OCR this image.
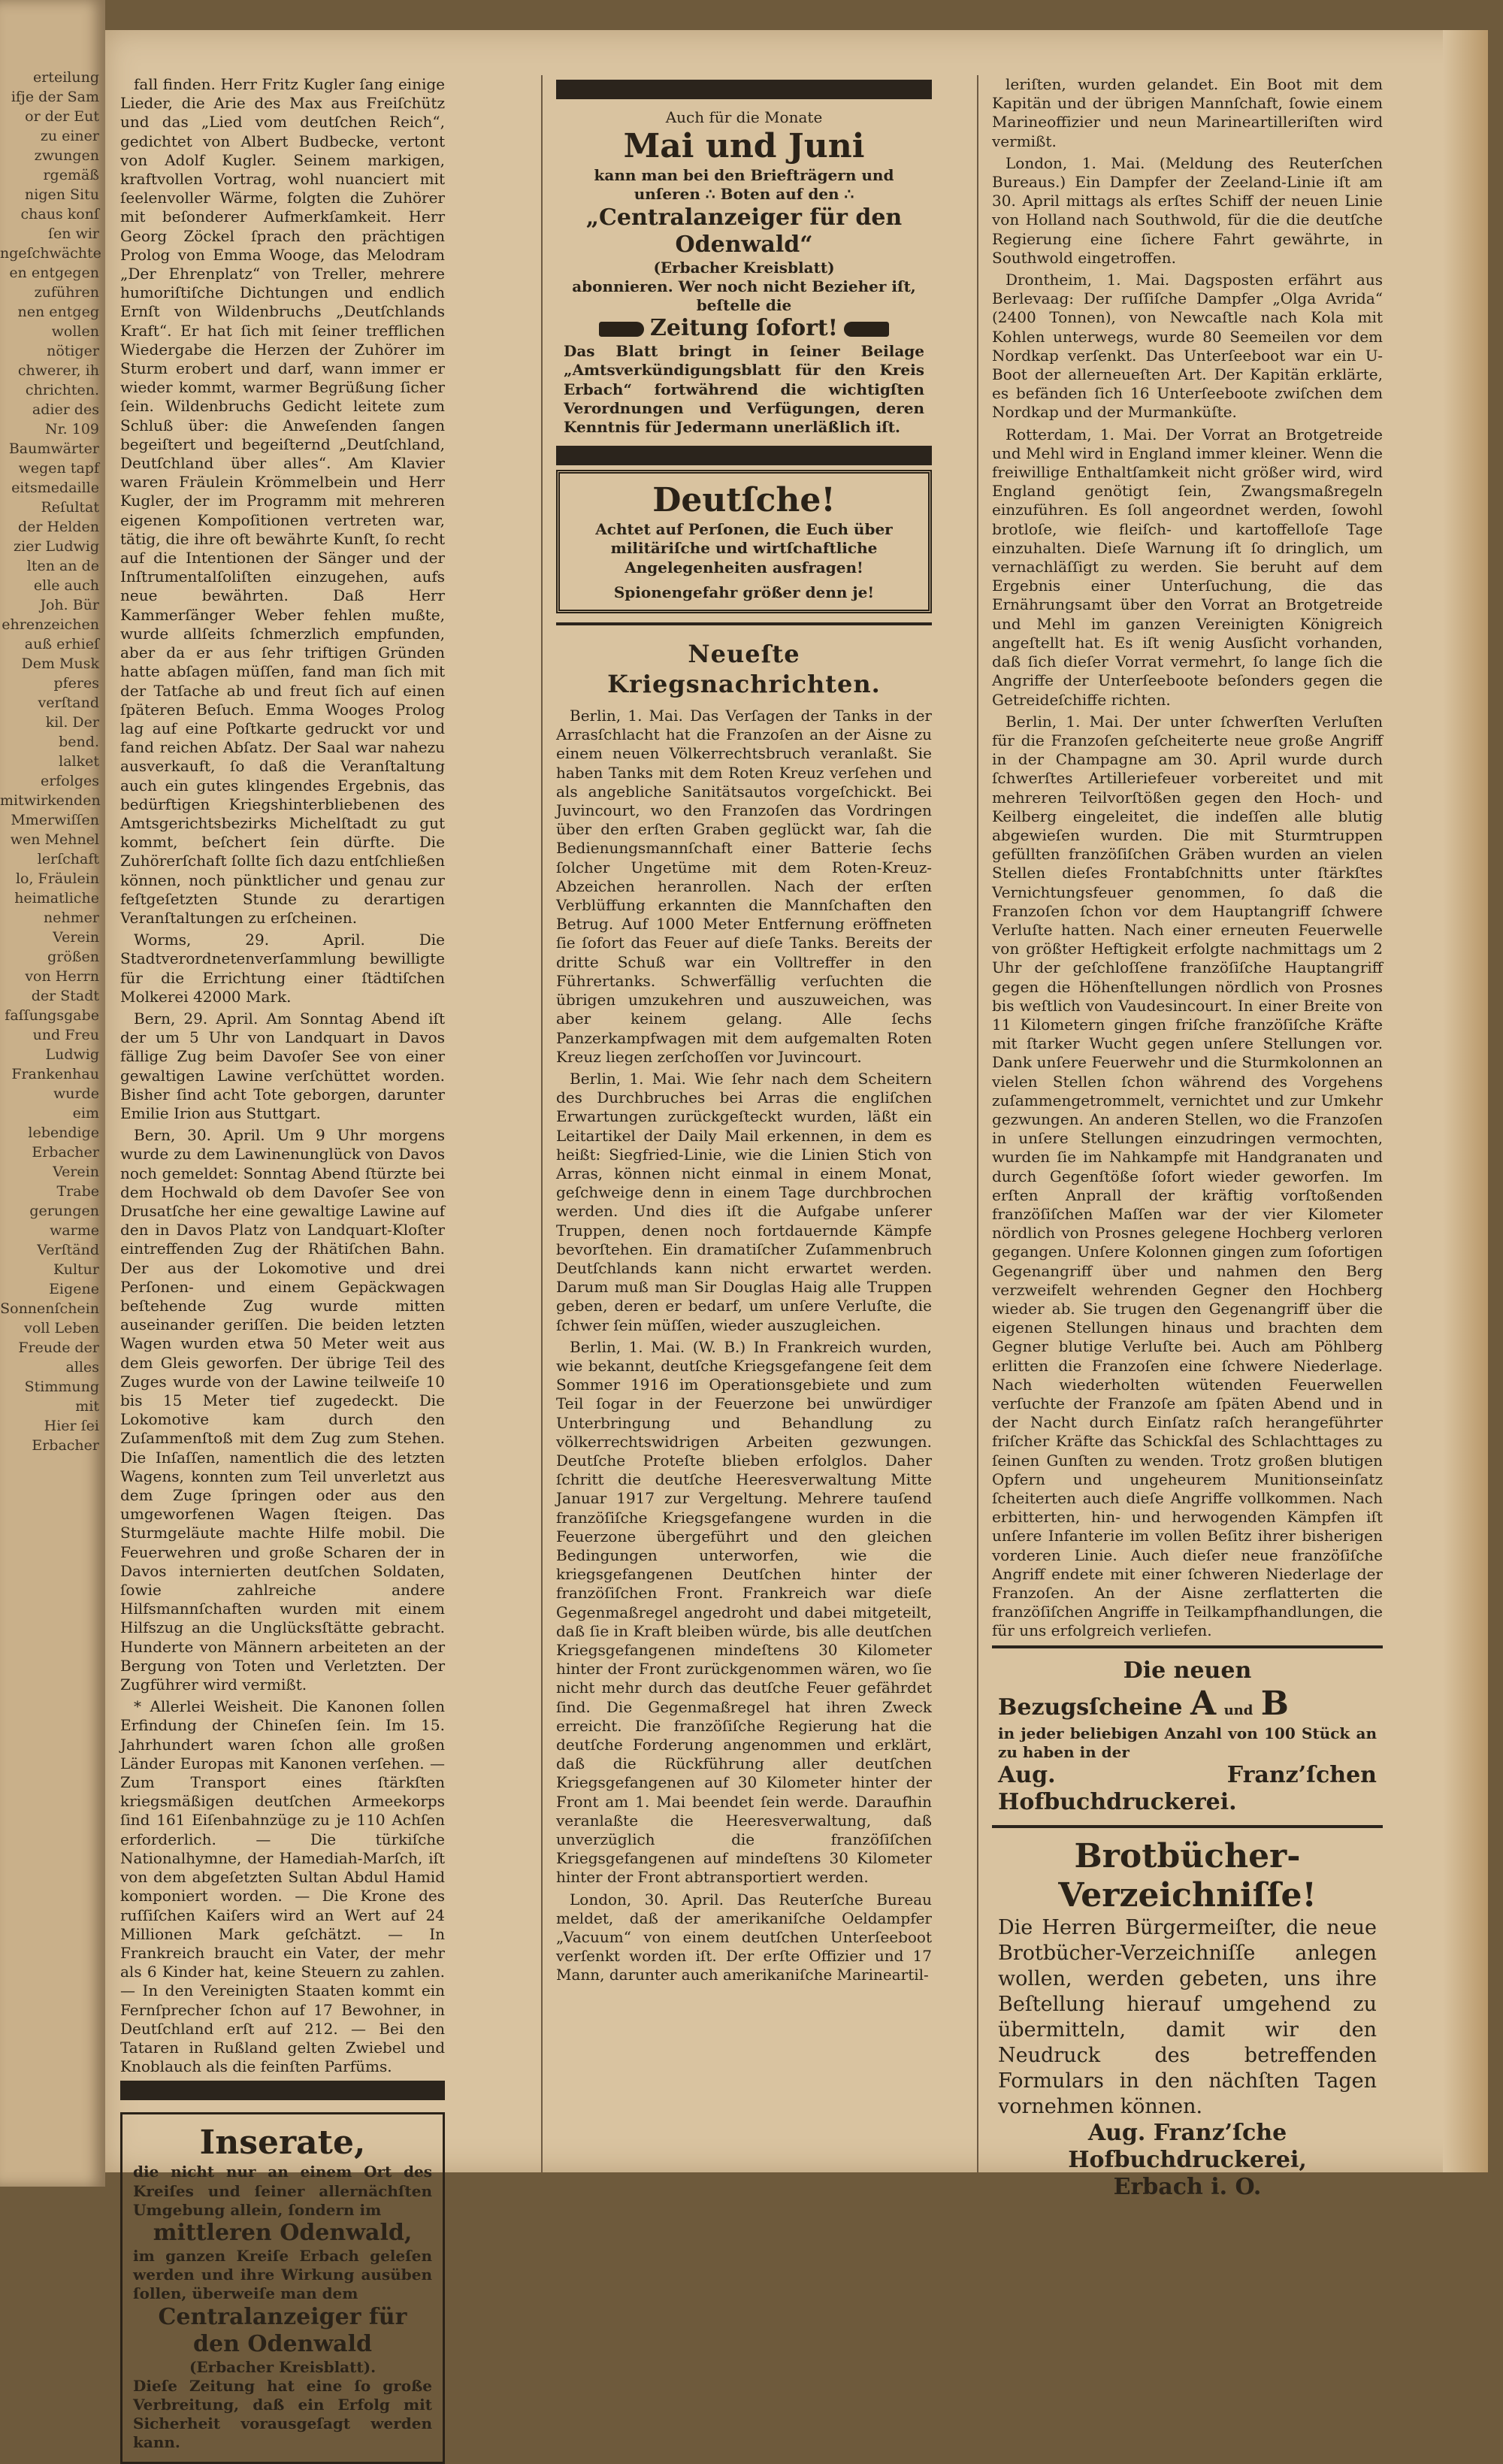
erteilung

ifje der Sam

or der Eut

zu einer

zwungen

rgemäß

nigen Situ

chaus konſ

ſen wir

ngeſchwächte

en entgegen

zuführen

nen entgeg

wollen

nötiger

chwerer, ih

chrichten.

adier des

Nr. 109

Baumwärter

wegen tapf

eitsmedaille

Reſultat

der Helden

zier Ludwig

lten an de

elle auch

Joh. Bür

ehrenzeichen

auß erhieſ

Dem Musk

pferes

verſtand

kil. Der

bend.

lalket

erfolges

mitwirkenden

Mmerwiſſen

wen Mehnel

lerſchaft

lo, Fräulein

heimatliche

nehmer

Verein

größen

von Herrn

der Stadt

faſſungsgabe

und Freu

Ludwig

Frankenhau

wurde

eim

lebendige

Erbacher

Verein

Trabe

gerungen

warme

Verſtänd

Kultur

Eigene

Sonnenſchein

voll Leben

Freude der

alles

Stimmung

mit

Hier ſei

Erbacher

fall finden. Herr Fritz Kugler ſang einige Lieder, die Arie des Max aus Freiſchütz und das „Lied vom deutſchen Reich“, gedichtet von Albert Budbecke, vertont von Adolf Kugler. Seinem markigen, kraftvollen Vortrag, wohl nuanciert mit ſeelenvoller Wärme, folgten die Zuhörer mit beſonderer Aufmerkſamkeit. Herr Georg Zöckel ſprach den prächtigen Prolog von Emma Wooge, das Melodram „Der Ehrenplatz“ von Treller, mehrere humoriſtiſche Dichtungen und endlich Ernſt von Wildenbruchs „Deutſchlands Kraft“. Er hat ſich mit ſeiner trefflichen Wiedergabe die Herzen der Zuhörer im Sturm erobert und darf, wann immer er wieder kommt, warmer Begrüßung ſicher ſein. Wildenbruchs Gedicht leitete zum Schluß über: die Anweſenden ſangen begeiſtert und begeiſternd „Deutſchland, Deutſchland über alles“. Am Klavier waren Fräulein Krömmelbein und Herr Kugler, der im Programm mit mehreren eigenen Kompoſitionen vertreten war, tätig, die ihre oft bewährte Kunſt, ſo recht auf die Intentionen der Sänger und der Inſtrumentalſoliſten einzugehen, aufs neue bewährten. Daß Herr Kammerſänger Weber fehlen mußte, wurde allſeits ſchmerzlich empfunden, aber da er aus ſehr triftigen Gründen hatte abſagen müſſen, fand man ſich mit der Tatſache ab und freut ſich auf einen ſpäteren Beſuch. Emma Wooges Prolog lag auf eine Poſtkarte gedruckt vor und fand reichen Abſatz. Der Saal war nahezu ausverkauft, ſo daß die Veranſtaltung auch ein gutes klingendes Ergebnis, das bedürftigen Kriegshinterbliebenen des Amtsgerichtsbezirks Michelſtadt zu gut kommt, beſchert ſein dürfte. Die Zuhörerſchaft ſollte ſich dazu entſchließen können, noch pünktlicher und genau zur feſtgeſetzten Stunde zu derartigen Veranſtaltungen zu erſcheinen.

Worms, 29. April. Die Stadtverordnetenverſammlung bewilligte für die Errichtung einer ſtädtiſchen Molkerei 42000 Mark.

Bern, 29. April. Am Sonntag Abend iſt der um 5 Uhr von Landquart in Davos fällige Zug beim Davoſer See von einer gewaltigen Lawine verſchüttet worden. Bisher ſind acht Tote geborgen, darunter Emilie Irion aus Stuttgart.

Bern, 30. April. Um 9 Uhr morgens wurde zu dem Lawinenunglück von Davos noch gemeldet: Sonntag Abend ſtürzte bei dem Hochwald ob dem Davoſer See von Drusatſche her eine gewaltige Lawine auf den in Davos Platz von Landquart-Kloſter eintreffenden Zug der Rhätiſchen Bahn. Der aus der Lokomotive und drei Perſonen- und einem Gepäckwagen beſtehende Zug wurde mitten auseinander geriſſen. Die beiden letzten Wagen wurden etwa 50 Meter weit aus dem Gleis geworfen. Der übrige Teil des Zuges wurde von der Lawine teilweiſe 10 bis 15 Meter tief zugedeckt. Die Lokomotive kam durch den Zuſammenſtoß mit dem Zug zum Stehen. Die Inſaſſen, namentlich die des letzten Wagens, konnten zum Teil unverletzt aus dem Zuge ſpringen oder aus den umgeworfenen Wagen ſteigen. Das Sturmgeläute machte Hilfe mobil. Die Feuerwehren und große Scharen der in Davos internierten deutſchen Soldaten, ſowie zahlreiche andere Hilfsmannſchaften wurden mit einem Hilfszug an die Unglücksſtätte gebracht. Hunderte von Männern arbeiteten an der Bergung von Toten und Verletzten. Der Zugführer wird vermißt.

* Allerlei Weisheit. Die Kanonen ſollen Erfindung der Chineſen ſein. Im 15. Jahrhundert waren ſchon alle großen Länder Europas mit Kanonen verſehen. — Zum Transport eines ſtärkſten kriegsmäßigen deutſchen Armeekorps ſind 161 Eiſenbahnzüge zu je 110 Achſen erforderlich. — Die türkiſche Nationalhymne, der Hamediah-Marſch, iſt von dem abgeſetzten Sultan Abdul Hamid komponiert worden. — Die Krone des ruſſiſchen Kaiſers wird an Wert auf 24 Millionen Mark geſchätzt. — In Frankreich braucht ein Vater, der mehr als 6 Kinder hat, keine Steuern zu zahlen. — In den Vereinigten Staaten kommt ein Fernſprecher ſchon auf 17 Bewohner, in Deutſchland erſt auf 212. — Bei den Tataren in Rußland gelten Zwiebel und Knoblauch als die feinſten Parfüms.

Inserate,
die nicht nur an einem Ort des Kreiſes und ſeiner allernächſten Umgebung allein, ſondern im
mittleren Odenwald,
im ganzen Kreiſe Erbach geleſen werden und ihre Wirkung ausüben ſollen, überweiſe man dem
Centralanzeiger für den Odenwald
(Erbacher Kreisblatt).
Dieſe Zeitung hat eine ſo große Verbreitung, daß ein Erfolg mit Sicherheit vorausgeſagt werden kann.
Auch für die Monate
Mai und Juni
kann man bei den Briefträgern und unſeren ∴ Boten auf den ∴
„Centralanzeiger für den Odenwald“
(Erbacher Kreisblatt)
abonnieren. Wer noch nicht Bezieher iſt, beſtelle die
Zeitung ſofort!
Das Blatt bringt in ſeiner Beilage „Amtsverkündigungsblatt für den Kreis Erbach“ fortwährend die wichtigſten Verordnungen und Verfügungen, deren Kenntnis für Jedermann unerläßlich iſt.
Deutſche!
Achtet auf Perſonen, die Euch über militäriſche und wirtſchaftliche Angelegenheiten ausfragen!
Spionengefahr größer denn je!
Neueſte Kriegsnachrichten.

Berlin, 1. Mai. Das Verſagen der Tanks in der Arrasſchlacht hat die Franzoſen an der Aisne zu einem neuen Völkerrechtsbruch veranlaßt. Sie haben Tanks mit dem Roten Kreuz verſehen und als angebliche Sanitätsautos vorgeſchickt. Bei Juvincourt, wo den Franzoſen das Vordringen über den erſten Graben geglückt war, ſah die Bedienungsmannſchaft einer Batterie ſechs ſolcher Ungetüme mit dem Roten-Kreuz-Abzeichen heranrollen. Nach der erſten Verblüffung erkannten die Mannſchaften den Betrug. Auf 1000 Meter Entfernung eröffneten ſie ſofort das Feuer auf dieſe Tanks. Bereits der dritte Schuß war ein Volltreffer in den Führertanks. Schwerfällig verſuchten die übrigen umzukehren und auszuweichen, was aber keinem gelang. Alle ſechs Panzerkampfwagen mit dem aufgemalten Roten Kreuz liegen zerſchoſſen vor Juvincourt.

Berlin, 1. Mai. Wie ſehr nach dem Scheitern des Durchbruches bei Arras die engliſchen Erwartungen zurückgeſteckt wurden, läßt ein Leitartikel der Daily Mail erkennen, in dem es heißt: Siegfried-Linie, wie die Linien Stich von Arras, können nicht einmal in einem Monat, geſchweige denn in einem Tage durchbrochen werden. Und dies iſt die Aufgabe unſerer Truppen, denen noch fortdauernde Kämpfe bevorſtehen. Ein dramatiſcher Zuſammenbruch Deutſchlands kann nicht erwartet werden. Darum muß man Sir Douglas Haig alle Truppen geben, deren er bedarf, um unſere Verluſte, die ſchwer ſein müſſen, wieder auszugleichen.

Berlin, 1. Mai. (W. B.) In Frankreich wurden, wie bekannt, deutſche Kriegsgefangene ſeit dem Sommer 1916 im Operationsgebiete und zum Teil ſogar in der Feuerzone bei unwürdiger Unterbringung und Behandlung zu völkerrechtswidrigen Arbeiten gezwungen. Deutſche Proteſte blieben erfolglos. Daher ſchritt die deutſche Heeresverwaltung Mitte Januar 1917 zur Vergeltung. Mehrere tauſend franzöſiſche Kriegsgefangene wurden in die Feuerzone übergeführt und den gleichen Bedingungen unterworfen, wie die kriegsgefangenen Deutſchen hinter der franzöſiſchen Front. Frankreich war dieſe Gegenmaßregel angedroht und dabei mitgeteilt, daß ſie in Kraft bleiben würde, bis alle deutſchen Kriegsgefangenen mindeſtens 30 Kilometer hinter der Front zurückgenommen wären, wo ſie nicht mehr durch das deutſche Feuer gefährdet ſind. Die Gegenmaßregel hat ihren Zweck erreicht. Die franzöſiſche Regierung hat die deutſche Forderung angenommen und erklärt, daß die Rückführung aller deutſchen Kriegsgefangenen auf 30 Kilometer hinter der Front am 1. Mai beendet ſein werde. Daraufhin veranlaßte die Heeresverwaltung, daß unverzüglich die franzöſiſchen Kriegsgefangenen auf mindeſtens 30 Kilometer hinter der Front abtransportiert werden.

London, 30. April. Das Reuterſche Bureau meldet, daß der amerikaniſche Oeldampfer „Vacuum“ von einem deutſchen Unterſeeboot verſenkt worden iſt. Der erſte Offizier und 17 Mann, darunter auch amerikaniſche Marineartil-

leriſten, wurden gelandet. Ein Boot mit dem Kapitän und der übrigen Mannſchaft, ſowie einem Marineoffizier und neun Marineartilleriſten wird vermißt.

London, 1. Mai. (Meldung des Reuterſchen Bureaus.) Ein Dampfer der Zeeland-Linie iſt am 30. April mittags als erſtes Schiff der neuen Linie von Holland nach Southwold, für die die deutſche Regierung eine ſichere Fahrt gewährte, in Southwold eingetroffen.

Drontheim, 1. Mai. Dagsposten erfährt aus Berlevaag: Der ruſſiſche Dampfer „Olga Avrida“ (2400 Tonnen), von Newcaſtle nach Kola mit Kohlen unterwegs, wurde 80 Seemeilen vor dem Nordkap verſenkt. Das Unterſeeboot war ein U-Boot der allerneueſten Art. Der Kapitän erklärte, es befänden ſich 16 Unterſeeboote zwiſchen dem Nordkap und der Murmanküſte.

Rotterdam, 1. Mai. Der Vorrat an Brotgetreide und Mehl wird in England immer kleiner. Wenn die freiwillige Enthaltſamkeit nicht größer wird, wird England genötigt ſein, Zwangsmaßregeln einzuführen. Es ſoll angeordnet werden, ſowohl brotloſe, wie fleiſch- und kartoffelloſe Tage einzuhalten. Dieſe Warnung iſt ſo dringlich, um vernachläſſigt zu werden. Sie beruht auf dem Ergebnis einer Unterſuchung, die das Ernährungsamt über den Vorrat an Brotgetreide und Mehl im ganzen Vereinigten Königreich angeſtellt hat. Es iſt wenig Ausſicht vorhanden, daß ſich dieſer Vorrat vermehrt, ſo lange ſich die Angriffe der Unterſeeboote beſonders gegen die Getreideſchiffe richten.

Berlin, 1. Mai. Der unter ſchwerſten Verluſten für die Franzoſen geſcheiterte neue große Angriff in der Champagne am 30. April wurde durch ſchwerſtes Artilleriefeuer vorbereitet und mit mehreren Teilvorſtößen gegen den Hoch- und Keilberg eingeleitet, die indeſſen alle blutig abgewieſen wurden. Die mit Sturmtruppen gefüllten franzöſiſchen Gräben wurden an vielen Stellen dieſes Frontabſchnitts unter ſtärkſtes Vernichtungsfeuer genommen, ſo daß die Franzoſen ſchon vor dem Hauptangriff ſchwere Verluſte hatten. Nach einer erneuten Feuerwelle von größter Heftigkeit erfolgte nachmittags um 2 Uhr der geſchloſſene franzöſiſche Hauptangriff gegen die Höhenſtellungen nördlich von Prosnes bis weſtlich von Vaudesincourt. In einer Breite von 11 Kilometern gingen friſche franzöſiſche Kräfte mit ſtarker Wucht gegen unſere Stellungen vor. Dank unſere Feuerwehr und die Sturmkolonnen an vielen Stellen ſchon während des Vorgehens zuſammengetrommelt, vernichtet und zur Umkehr gezwungen. An anderen Stellen, wo die Franzoſen in unſere Stellungen einzudringen vermochten, wurden ſie im Nahkampfe mit Handgranaten und durch Gegenſtöße ſofort wieder geworfen. Im erſten Anprall der kräftig vorſtoßenden franzöſiſchen Maſſen war der vier Kilometer nördlich von Prosnes gelegene Hochberg verloren gegangen. Unſere Kolonnen gingen zum ſofortigen Gegenangriff über und nahmen den Berg verzweifelt wehrenden Gegner den Hochberg wieder ab. Sie trugen den Gegenangriff über die eigenen Stellungen hinaus und brachten dem Gegner blutige Verluſte bei. Auch am Pöhlberg erlitten die Franzoſen eine ſchwere Niederlage. Nach wiederholten wütenden Feuerwellen verſuchte der Franzoſe am ſpäten Abend und in der Nacht durch Einſatz raſch herangeführter friſcher Kräfte das Schickſal des Schlachttages zu ſeinen Gunſten zu wenden. Trotz großen blutigen Opfern und ungeheurem Munitionseinſatz ſcheiterten auch dieſe Angriffe vollkommen. Nach erbitterten, hin- und herwogenden Kämpfen iſt unſere Infanterie im vollen Beſitz ihrer bisherigen vorderen Linie. Auch dieſer neue franzöſiſche Angriff endete mit einer ſchweren Niederlage der Franzoſen. An der Aisne zerflatterten die franzöſiſchen Angriffe in Teilkampfhandlungen, die für uns erfolgreich verliefen.

Die neuen
Bezugsſcheine A und B
in jeder beliebigen Anzahl von 100 Stück an zu haben in der
Aug. Franz’ſchen Hofbuchdruckerei.
Brotbücher-Verzeichniſſe!
Die Herren Bürgermeiſter, die neue Brotbücher-Verzeichniſſe anlegen wollen, werden gebeten, uns ihre Beſtellung hierauf umgehend zu übermitteln, damit wir den Neudruck des betreffenden Formulars in den nächſten Tagen vornehmen können.
Aug. Franz’ſche Hofbuchdruckerei,
Erbach i. O.
